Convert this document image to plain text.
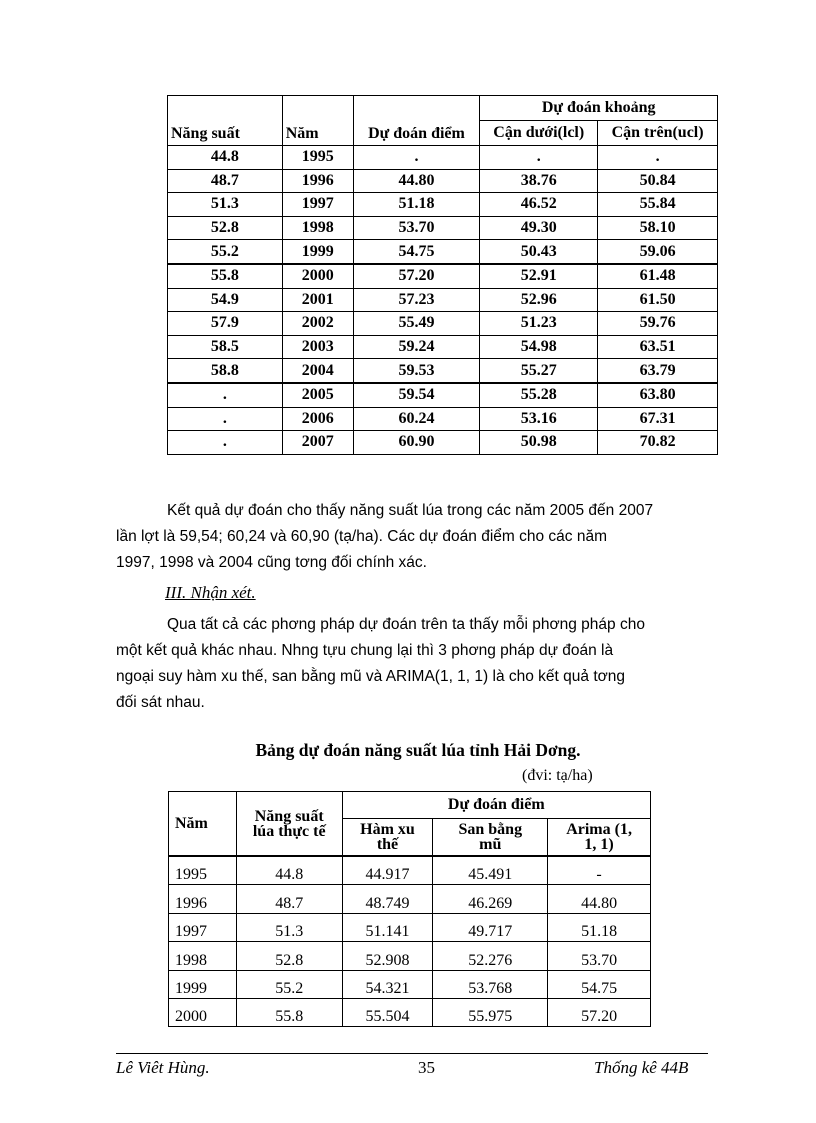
Năng suất	Năm	Dự đoán điểm	Dự đoán khoảng	
			Cận dưới(lcl)	Cận trên(ucl)
44.8	1995	.	.	.
48.7	1996	44.80	38.76	50.84
51.3	1997	51.18	46.52	55.84
52.8	1998	53.70	49.30	58.10
55.2	1999	54.75	50.43	59.06
55.8	2000	57.20	52.91	61.48
54.9	2001	57.23	52.96	61.50
57.9	2002	55.49	51.23	59.76
58.5	2003	59.24	54.98	63.51
58.8	2004	59.53	55.27	63.79
.	2005	59.54	55.28	63.80
.	2006	60.24	53.16	67.31
.	2007	60.90	50.98	70.82
Kết quả dự đoán cho thấy năng suất lúa trong các năm 2005 đến 2007
lần lợt là 59,54; 60,24 và 60,90 (tạ/ha). Các dự đoán điểm cho các năm
1997, 1998 và 2004 cũng tơng đối chính xác.
III. Nhận xét.
Qua tất cả các phơng pháp dự đoán trên ta thấy mỗi phơng pháp cho
một kết quả khác nhau. Nhng tựu chung lại thì 3 phơng pháp dự đoán là
ngoại suy hàm xu thế, san bằng mũ và ARIMA(1, 1, 1) là cho kết quả tơng
đối sát nhau.
Bảng dự đoán năng suất lúa tỉnh Hải Dơng.
(đvi: tạ/ha)
Năm	Năng suất lúa thực tế	Dự đoán điểm		
		Hàm xu thế	San bằng mũ	Arima (1, 1, 1)
1995	44.8	44.917	45.491	-
1996	48.7	48.749	46.269	44.80
1997	51.3	51.141	49.717	51.18
1998	52.8	52.908	52.276	53.70
1999	55.2	54.321	53.768	54.75
2000	55.8	55.504	55.975	57.20
Lê Viêt Hùng.	35	Thống kê 44B
